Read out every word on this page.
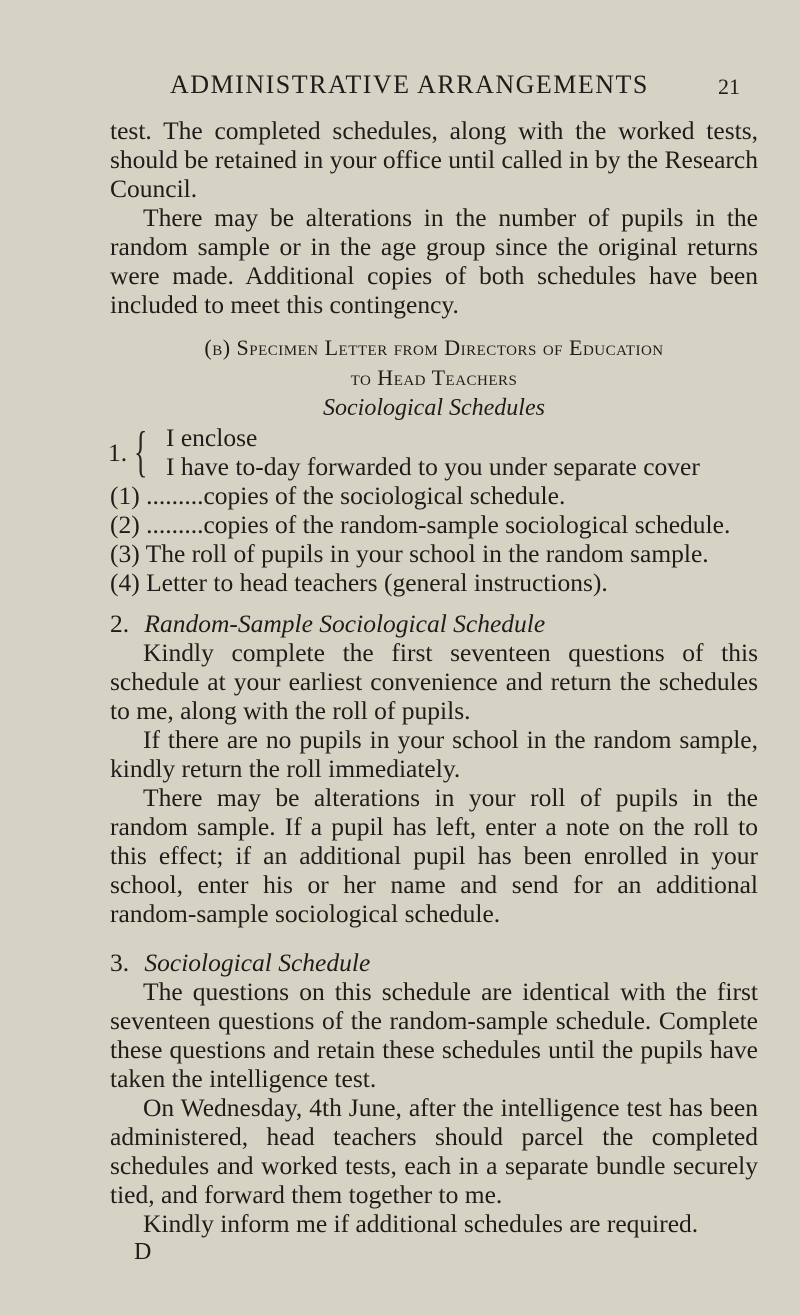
ADMINISTRATIVE ARRANGEMENTS	21

test. The completed schedules, along with the worked tests, should be retained in your office until called in by the Research Council.

There may be alterations in the number of pupils in the random sample or in the age group since the original returns were made. Additional copies of both schedules have been included to meet this contingency.

(b) Specimen Letter from Directors of Education

to Head Teachers

Sociological Schedules

1. { I enclose

I have to-day forwarded to you under separate cover

(1) .........copies of the sociological schedule.

(2) .........copies of the random-sample sociological schedule.

(3) The roll of pupils in your school in the random sample.

(4) Letter to head teachers (general instructions).

2. Random-Sample Sociological Schedule

Kindly complete the first seventeen questions of this schedule at your earliest convenience and return the schedules to me, along with the roll of pupils.

If there are no pupils in your school in the random sample, kindly return the roll immediately.

There may be alterations in your roll of pupils in the random sample. If a pupil has left, enter a note on the roll to this effect; if an additional pupil has been enrolled in your school, enter his or her name and send for an additional random-sample sociological schedule.

3. Sociological Schedule

The questions on this schedule are identical with the first seventeen questions of the random-sample schedule. Complete these questions and retain these schedules until the pupils have taken the intelligence test.

On Wednesday, 4th June, after the intelligence test has been administered, head teachers should parcel the completed schedules and worked tests, each in a separate bundle securely tied, and forward them together to me.

Kindly inform me if additional schedules are required.

D
